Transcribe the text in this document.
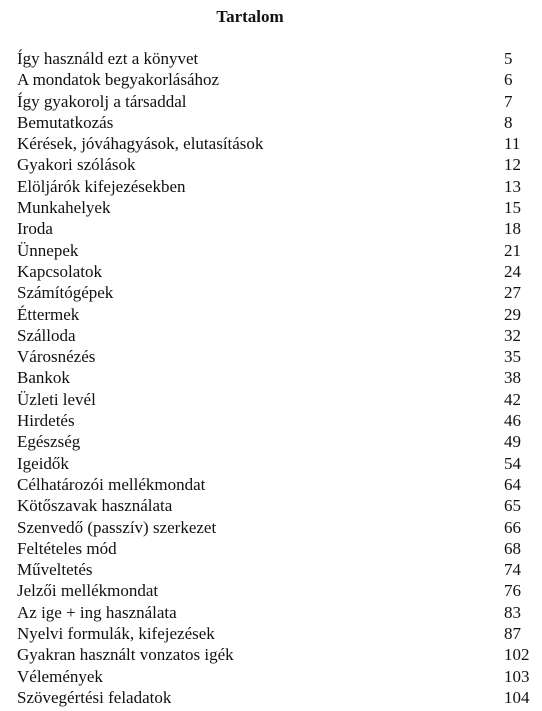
Tartalom
Így használd ezt a könyvet	5
A mondatok begyakorlásához	6
Így gyakorolj a társaddal	7
Bemutatkozás	8
Kérések, jóváhagyások, elutasítások	11
Gyakori szólások	12
Elöljárók kifejezésekben	13
Munkahelyek	15
Iroda	18
Ünnepek	21
Kapcsolatok	24
Számítógépek	27
Éttermek	29
Szálloda	32
Városnézés	35
Bankok	38
Üzleti levél	42
Hirdetés	46
Egészség	49
Igeidők	54
Célhatározói mellékmondat	64
Kötőszavak használata	65
Szenvedő (passzív) szerkezet	66
Feltételes mód	68
Műveltetés	74
Jelzői mellékmondat	76
Az ige + ing használata	83
Nyelvi formulák, kifejezések	87
Gyakran használt vonzatos igék	102
Vélemények	103
Szövegértési feladatok	104
